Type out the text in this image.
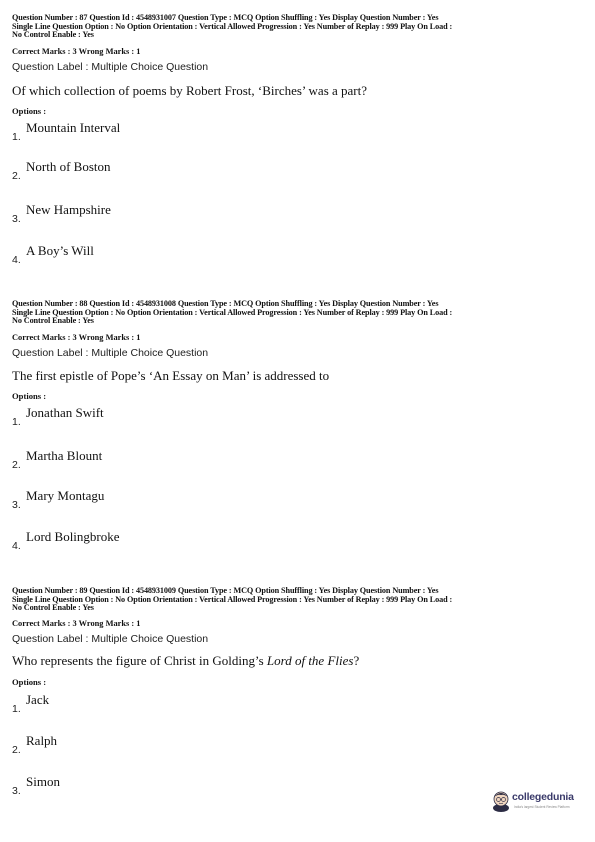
Question Number : 87 Question Id : 4548931007 Question Type : MCQ Option Shuffling : Yes Display Question Number : Yes
Single Line Question Option : No Option Orientation : Vertical Allowed Progression : Yes Number of Replay : 999 Play On Load :
No Control Enable : Yes
Correct Marks : 3 Wrong Marks : 1
Question Label : Multiple Choice Question
Of which collection of poems by Robert Frost, ‘Birches’ was a part?
Options :
Mountain Interval
1.
North of Boston
2.
New Hampshire
3.
A Boy’s Will
4.
Question Number : 88 Question Id : 4548931008 Question Type : MCQ Option Shuffling : Yes Display Question Number : Yes
Single Line Question Option : No Option Orientation : Vertical Allowed Progression : Yes Number of Replay : 999 Play On Load :
No Control Enable : Yes
Correct Marks : 3 Wrong Marks : 1
Question Label : Multiple Choice Question
The first epistle of Pope’s ‘An Essay on Man’ is addressed to
Options :
Jonathan Swift
1.
Martha Blount
2.
Mary Montagu
3.
Lord Bolingbroke
4.
Question Number : 89 Question Id : 4548931009 Question Type : MCQ Option Shuffling : Yes Display Question Number : Yes
Single Line Question Option : No Option Orientation : Vertical Allowed Progression : Yes Number of Replay : 999 Play On Load :
No Control Enable : Yes
Correct Marks : 3 Wrong Marks : 1
Question Label : Multiple Choice Question
Who represents the figure of Christ in Golding’s Lord of the Flies?
Options :
Jack
1.
Ralph
2.
Simon
3.	collegedunia
India's largest Student Review Platform
